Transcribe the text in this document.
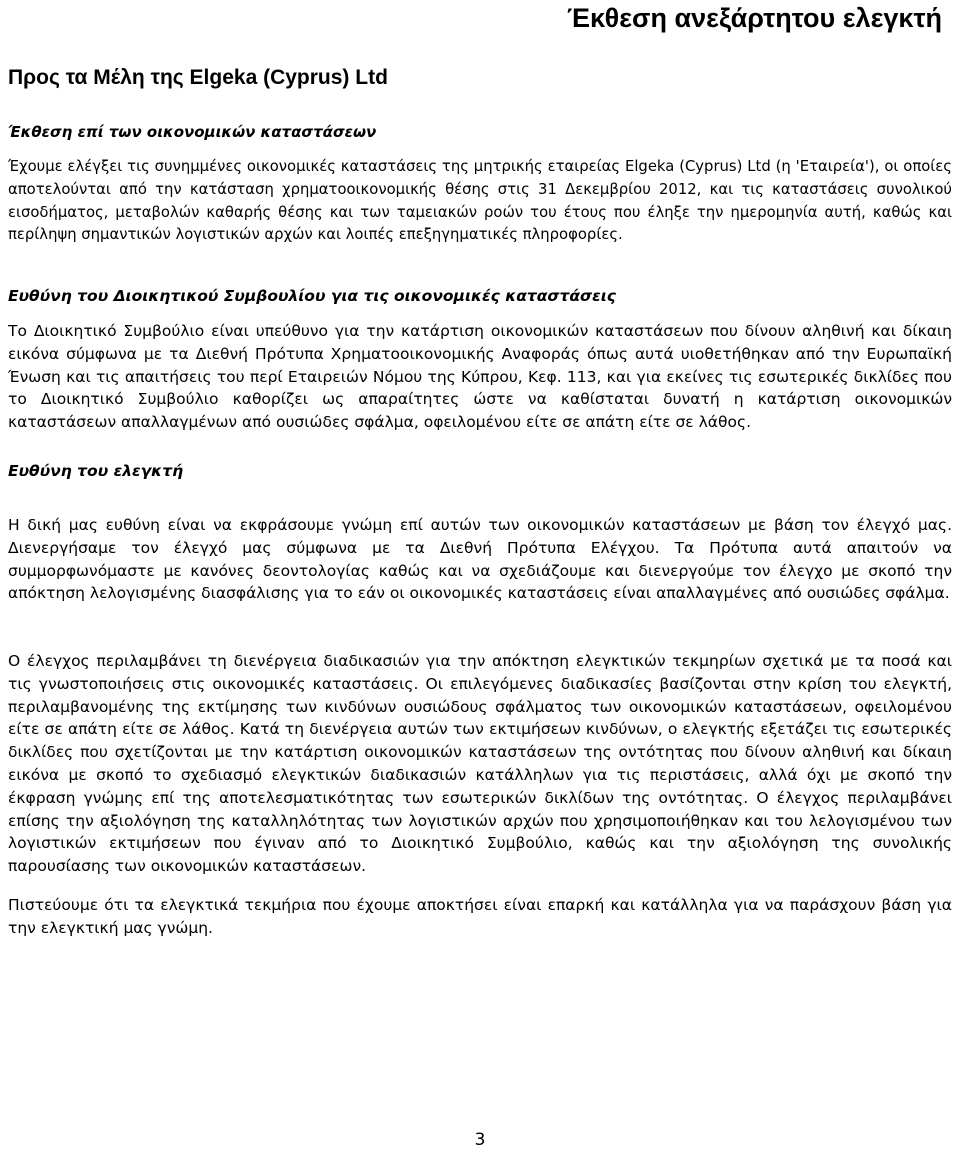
Έκθεση ανεξάρτητου ελεγκτή
Προς τα Μέλη της Elgeka (Cyprus) Ltd
Έκθεση επί των οικονομικών καταστάσεων

Έχουμε ελέγξει τις συνημμένες οικονομικές καταστάσεις της μητρικής εταιρείας Elgeka (Cyprus) Ltd (η 'Εταιρεία'), οι οποίες αποτελούνται από την κατάσταση χρηματοοικονομικής θέσης στις 31 Δεκεμβρίου 2012, και τις καταστάσεις συνολικού εισοδήματος, μεταβολών καθαρής θέσης και των ταμειακών ροών του έτους που έληξε την ημερομηνία αυτή, καθώς και περίληψη σημαντικών λογιστικών αρχών και λοιπές επεξηγηματικές πληροφορίες.

Ευθύνη του Διοικητικού Συμβουλίου για τις οικονομικές καταστάσεις

Το Διοικητικό Συμβούλιο είναι υπεύθυνο για την κατάρτιση οικονομικών καταστάσεων που δίνουν αληθινή και δίκαιη εικόνα σύμφωνα με τα Διεθνή Πρότυπα Χρηματοοικονομικής Αναφοράς όπως αυτά υιοθετήθηκαν από την Ευρωπαϊκή Ένωση και τις απαιτήσεις του περί Εταιρειών Νόμου της Κύπρου, Κεφ. 113, και για εκείνες τις εσωτερικές δικλίδες που το Διοικητικό Συμβούλιο καθορίζει ως απαραίτητες ώστε να καθίσταται δυνατή η κατάρτιση οικονομικών καταστάσεων απαλλαγμένων από ουσιώδες σφάλμα, οφειλομένου είτε σε απάτη είτε σε λάθος.

Ευθύνη του ελεγκτή

Η δική μας ευθύνη είναι να εκφράσουμε γνώμη επί αυτών των οικονομικών καταστάσεων με βάση τον έλεγχό μας. Διενεργήσαμε τον έλεγχό μας σύμφωνα με τα Διεθνή Πρότυπα Ελέγχου. Τα Πρότυπα αυτά απαιτούν να συμμορφωνόμαστε με κανόνες δεοντολογίας καθώς και να σχεδιάζουμε και διενεργούμε τον έλεγχο με σκοπό την απόκτηση λελογισμένης διασφάλισης για το εάν οι οικονομικές καταστάσεις είναι απαλλαγμένες από ουσιώδες σφάλμα.

Ο έλεγχος περιλαμβάνει τη διενέργεια διαδικασιών για την απόκτηση ελεγκτικών τεκμηρίων σχετικά με τα ποσά και τις γνωστοποιήσεις στις οικονομικές καταστάσεις. Οι επιλεγόμενες διαδικασίες βασίζονται στην κρίση του ελεγκτή, περιλαμβανομένης της εκτίμησης των κινδύνων ουσιώδους σφάλματος των οικονομικών καταστάσεων, οφειλομένου είτε σε απάτη είτε σε λάθος. Κατά τη διενέργεια αυτών των εκτιμήσεων κινδύνων, ο ελεγκτής εξετάζει τις εσωτερικές δικλίδες που σχετίζονται με την κατάρτιση οικονομικών καταστάσεων της οντότητας που δίνουν αληθινή και δίκαιη εικόνα με σκοπό το σχεδιασμό ελεγκτικών διαδικασιών κατάλληλων για τις περιστάσεις, αλλά όχι με σκοπό την έκφραση γνώμης επί της αποτελεσματικότητας των εσωτερικών δικλίδων της οντότητας. Ο έλεγχος περιλαμβάνει επίσης την αξιολόγηση της καταλληλότητας των λογιστικών αρχών που χρησιμοποιήθηκαν και του λελογισμένου των λογιστικών εκτιμήσεων που έγιναν από το Διοικητικό Συμβούλιο, καθώς και την αξιολόγηση της συνολικής παρουσίασης των οικονομικών καταστάσεων.

Πιστεύουμε ότι τα ελεγκτικά τεκμήρια που έχουμε αποκτήσει είναι επαρκή και κατάλληλα για να παράσχουν βάση για την ελεγκτική μας γνώμη.

3
